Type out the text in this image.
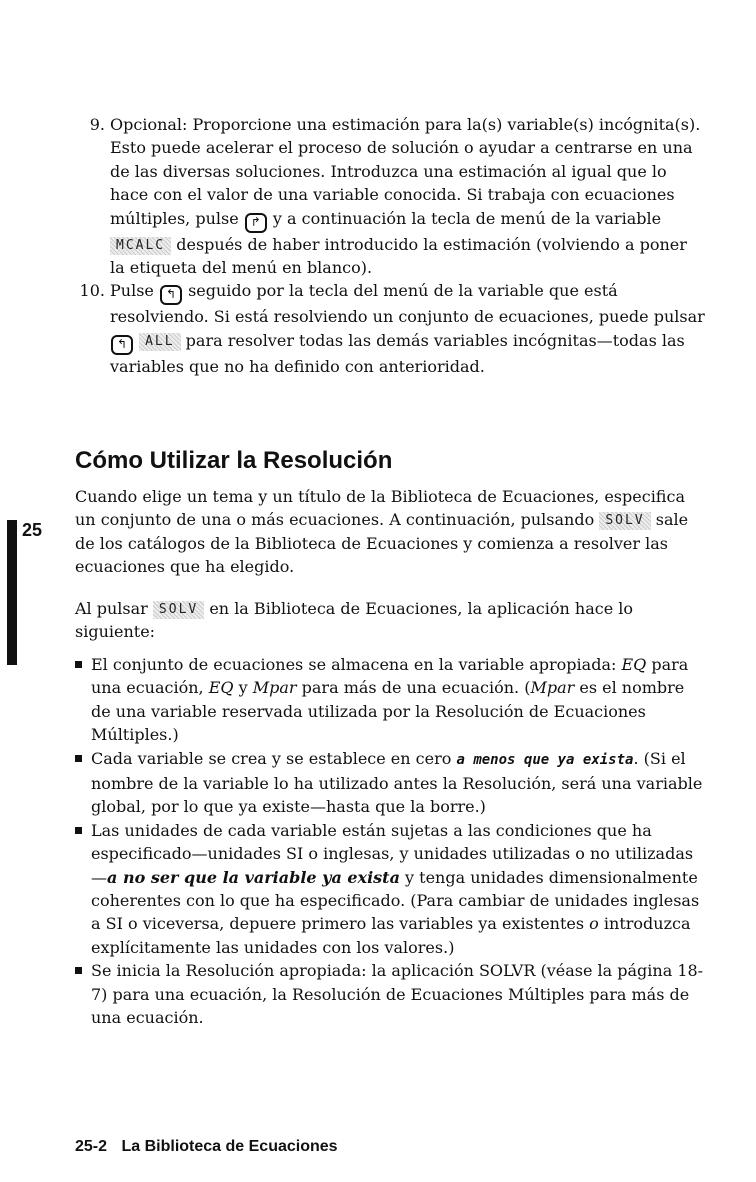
25
9. Opcional: Proporcione una estimación para la(s) variable(s) incógnita(s). Esto puede acelerar el proceso de solución o ayudar a centrarse en una de las diversas soluciones. Introduzca una estimación al igual que lo hace con el valor de una variable conocida. Si trabaja con ecuaciones múltiples, pulse ↱ y a continuación la tecla de menú de la variable MCALC después de haber introducido la estimación (volviendo a poner la etiqueta del menú en blanco).
10. Pulse ↰ seguido por la tecla del menú de la variable que está resolviendo. Si está resolviendo un conjunto de ecuaciones, puede pulsar ↰ ALL para resolver todas las demás variables incógnitas—todas las variables que no ha definido con anterioridad.
Cómo Utilizar la Resolución

Cuando elige un tema y un título de la Biblioteca de Ecuaciones, especifica un conjunto de una o más ecuaciones. A continuación, pulsando SOLV sale de los catálogos de la Biblioteca de Ecuaciones y comienza a resolver las ecuaciones que ha elegido.

Al pulsar SOLV en la Biblioteca de Ecuaciones, la aplicación hace lo siguiente:

El conjunto de ecuaciones se almacena en la variable apropiada: EQ para una ecuación, EQ y Mpar para más de una ecuación. (Mpar es el nombre de una variable reservada utilizada por la Resolución de Ecuaciones Múltiples.)
Cada variable se crea y se establece en cero a menos que ya exista. (Si el nombre de la variable lo ha utilizado antes la Resolución, será una variable global, por lo que ya existe—hasta que la borre.)
Las unidades de cada variable están sujetas a las condiciones que ha especificado—unidades SI o inglesas, y unidades utilizadas o no utilizadas—a no ser que la variable ya exista y tenga unidades dimensionalmente coherentes con lo que ha especificado. (Para cambiar de unidades inglesas a SI o viceversa, depuere primero las variables ya existentes o introduzca explícitamente las unidades con los valores.)
Se inicia la Resolución apropiada: la aplicación SOLVR (véase la página 18-7) para una ecuación, la Resolución de Ecuaciones Múltiples para más de una ecuación.
25-2 La Biblioteca de Ecuaciones
